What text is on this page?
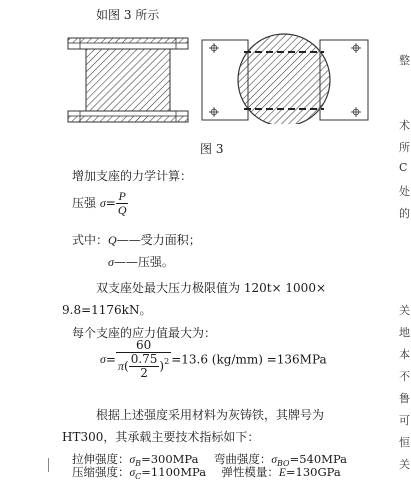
如图 3 所示
图 3
增加支座的力学计算：
压强 $\sigma= \frac{P}{Q}$
式中：Q——受力面积；
σ——压强。
双支座处最大压力极限值为 120t× 1000×
9.8=1176kN。
每个支座的应力值最大为：
$\sigma= \frac{60}{\pi( \frac{0.75}{2} )^2} =13.6$ (kg/mm) =136MPa
根据上述强度采用材料为灰铸铁，其牌号为
HT300，其承载主要技术指标如下：
拉伸强度：$\sigma_B=300MPa$ 弯曲强度：$\sigma_{BO}=540MPa$
压缩强度：$\sigma_C=1100MPa$ 弹性模量：E=130GPa
整
术
所
C
处
的
关
地
本
不
鲁
可
恒
关
